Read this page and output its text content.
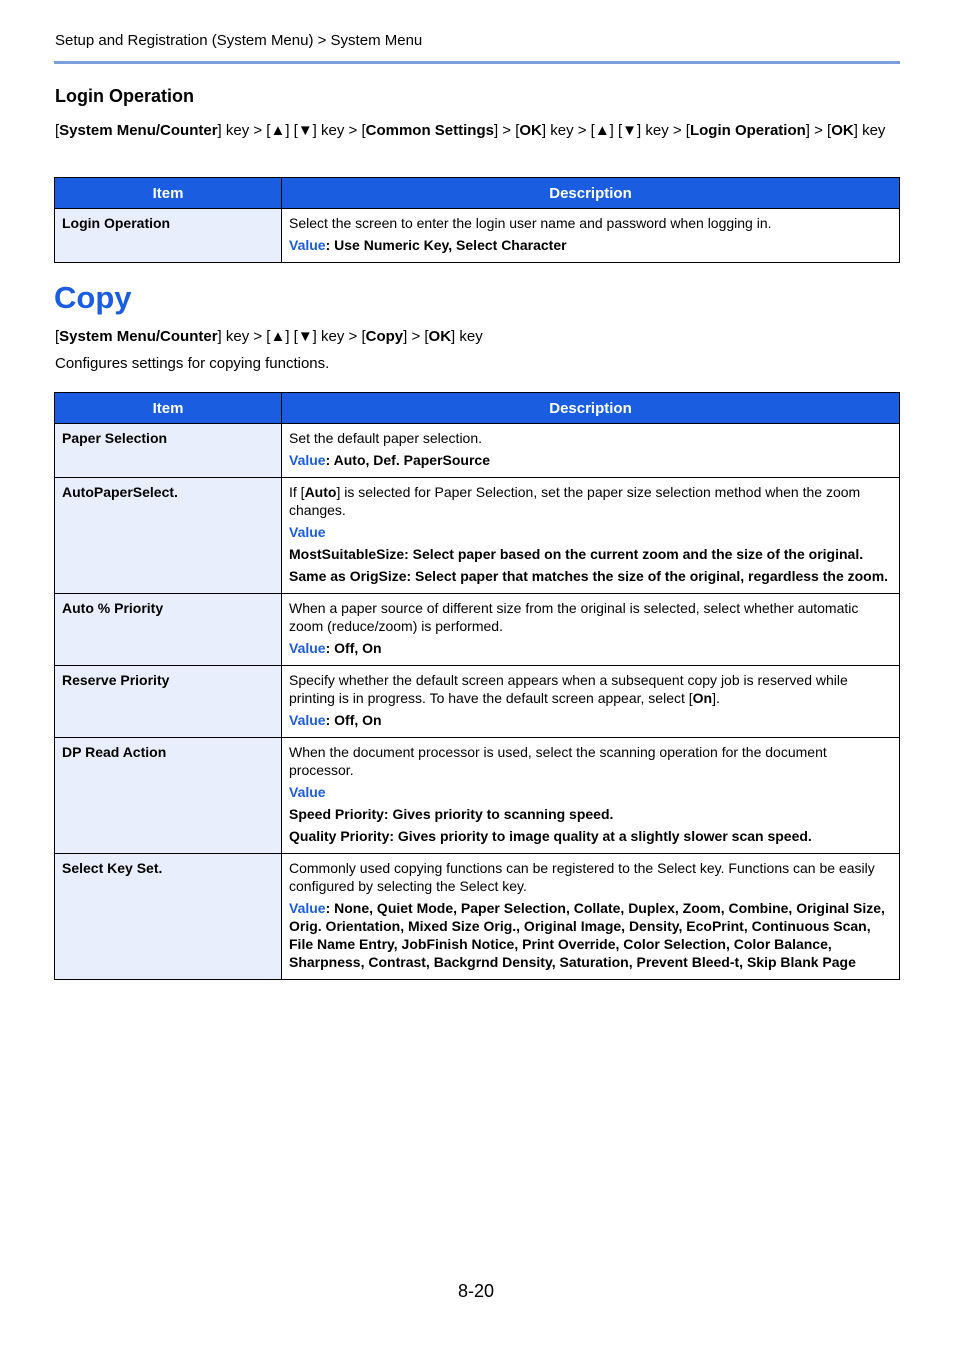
Setup and Registration (System Menu) > System Menu
Login Operation
[System Menu/Counter] key > [▲] [▼] key > [Common Settings] > [OK] key > [▲] [▼] key > [Login Operation] > [OK] key
Item	Description
Login Operation	Select the screen to enter the login user name and password when logging in.
Value: Use Numeric Key, Select Character
Copy
[System Menu/Counter] key > [▲] [▼] key > [Copy] > [OK] key
Configures settings for copying functions.
Item	Description
Paper Selection	Set the default paper selection.
Value: Auto, Def. PaperSource

AutoPaperSelect.	If [Auto] is selected for Paper Selection, set the paper size selection method when the zoom changes.
Value
MostSuitableSize: Select paper based on the current zoom and the size of the original.
Same as OrigSize: Select paper that matches the size of the original, regardless the zoom.

Auto % Priority	When a paper source of different size from the original is selected, select whether automatic zoom (reduce/zoom) is performed.
Value: Off, On

Reserve Priority	Specify whether the default screen appears when a subsequent copy job is reserved while printing is in progress. To have the default screen appear, select [On].
Value: Off, On

DP Read Action	When the document processor is used, select the scanning operation for the document processor.
Value
Speed Priority: Gives priority to scanning speed.
Quality Priority: Gives priority to image quality at a slightly slower scan speed.

Select Key Set.	Commonly used copying functions can be registered to the Select key. Functions can be easily configured by selecting the Select key.
Value: None, Quiet Mode, Paper Selection, Collate, Duplex, Zoom, Combine, Original Size, Orig. Orientation, Mixed Size Orig., Original Image, Density, EcoPrint, Continuous Scan, File Name Entry, JobFinish Notice, Print Override, Color Selection, Color Balance, Sharpness, Contrast, Backgrnd Density, Saturation, Prevent Bleed-t, Skip Blank Page
8-20
